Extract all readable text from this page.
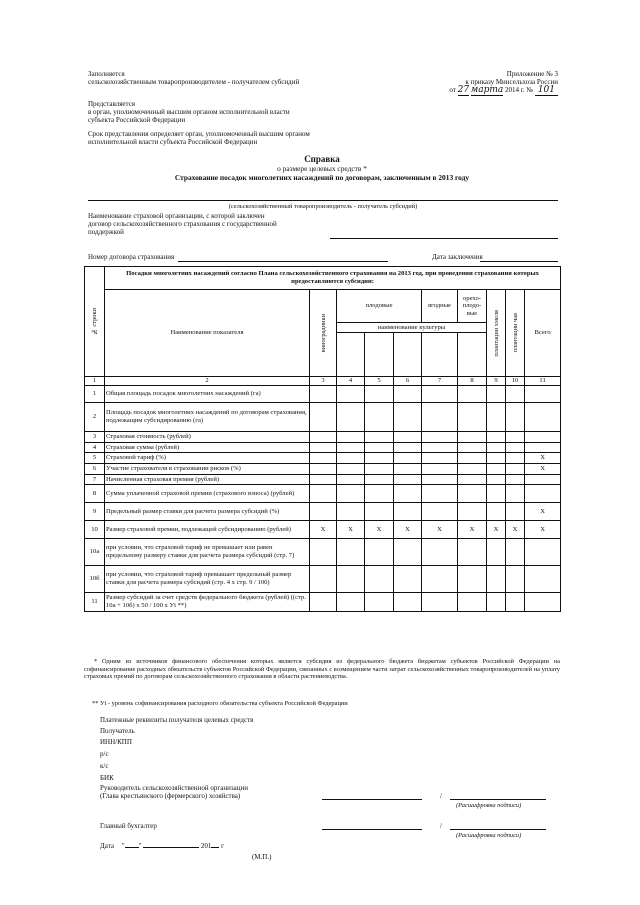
Заполняется
сельскохозяйственным товаропроизводителем - получателем субсидий
Представляется
в орган, уполномоченный высшим органом исполнительной власти
субъекта Российской Федерации
Срок представления определяет орган, уполномоченный высшим органом
исполнительной власти субъекта Российской Федерации
Приложение № 3
к приказу Минсельхоза России
от 27 марта 2014 г. № 101
Справка
о размере целевых средств *
Страхование посадок многолетних насаждений по договорам, заключенным в 2013 году
(сельскохозяйственный товаропроизводитель - получатель субсидий)
Наименование страховой организации, с которой заключен
договор сельскохозяйственного страхования с государственной
поддержкой
Номер договора страхования	Дата заключения
№ строки	Посадки многолетних насаждений согласно Плана сельскохозяйственного страхования на 2013 год, при проведении страхования которых предоставляются субсидии:									
	Наименование показателя	виноградники	плодовые			ягодные	орехо-плодо-вые	плантации хмеля	плантации чая	Всего
			наименование культуры							

1	2	3	4	5	6	7	8	9	10	11
1	Общая площадь посадок многолетних насаждений (га)									
2	Площадь посадок многолетних насаждений по договорам страхования, подлежащим субсидированию (га)									
3	Страховая стоимость (рублей)									
4	Страховая сумма (рублей)									
5	Страховой тариф (%)									X
6	Участие страхователя в страховании рисков (%)									X
7	Начисленная страховая премия (рублей)									
8	Сумма уплаченной страховой премии (страхового взноса) (рублей)									
9	Предельный размер ставки для расчета размера субсидий (%)									X
10	Размер страховой премии, подлежащей субсидированию (рублей)	X	X	X	X	X	X	X	X	X
10а	при условии, что страховой тариф не превышает или равен предельному размеру ставки для расчета размера субсидий (стр. 7)									
10б	при условии, что страховой тариф превышает предельный размер ставки для расчета размера субсидий (стр. 4 x стр. 9 / 100)									
11	Размер субсидий за счет средств федерального бюджета (рублей) ((стр. 10а + 10б) x 50 / 100 x Уi **)									
* Одним из источников финансового обеспечения которых является субсидия из федерального бюджета бюджетам субъектов Российской Федерации на софинансирование расходных обязательств субъектов Российской Федерации, связанных с возмещением части затрат сельскохозяйственных товаропроизводителей на уплату страховых премий по договорам сельскохозяйственного страхования в области растениеводства.
** Уi - уровень софинансирования расходного обязательства субъекта Российской Федерации
Платежные реквизиты получателя целевых средств
Получатель
ИНН/КПП
р/с
к/с
БИК
Руководитель сельскохозяйственной организации
(Глава крестьянского (фермерского) хозяйства)	/
(Расшифровка подписи)
Главный бухгалтер	/
(Расшифровка подписи)
Дата " "	201 г
(М.П.)
